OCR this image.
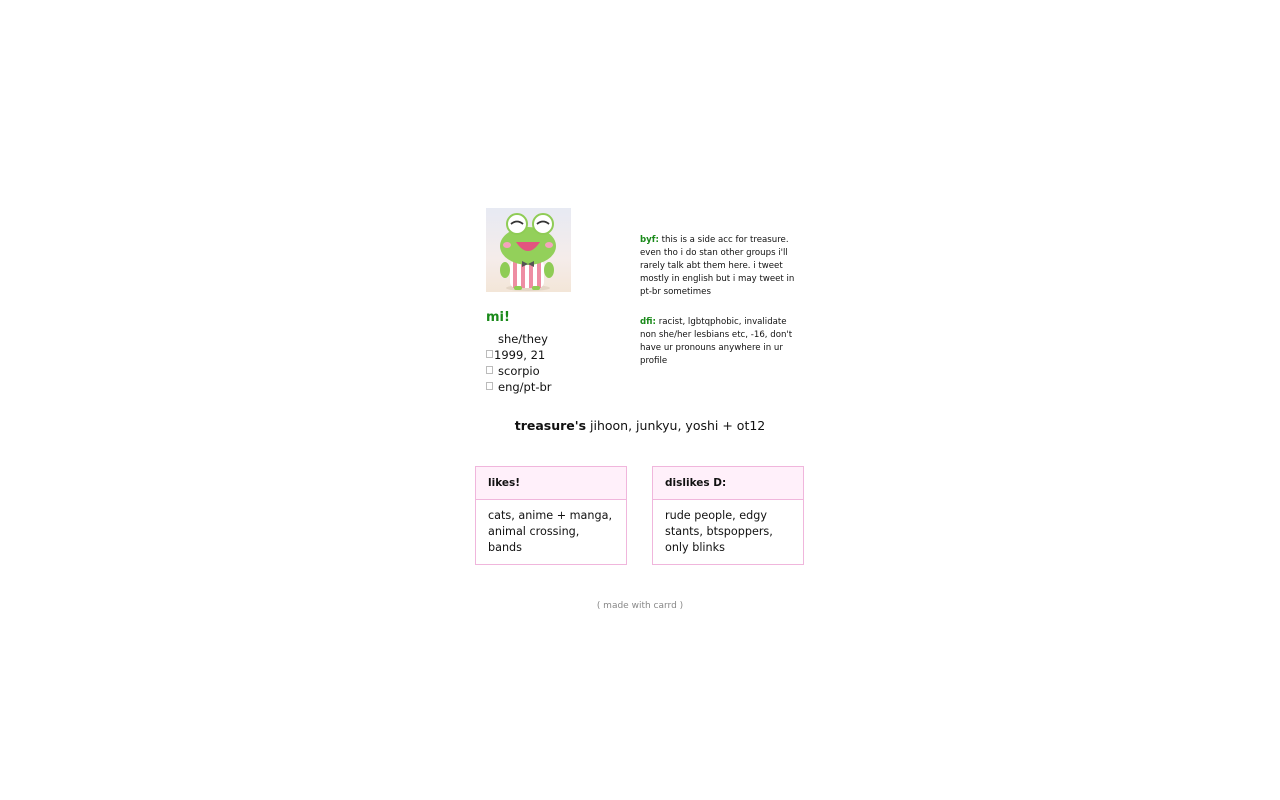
mi!
she/they
1999, 21
scorpio
eng/pt-br
byf: this is a side acc for treasure. even tho i do stan other groups i'll rarely talk abt them here. i tweet mostly in english but i may tweet in pt-br sometimes
dfi: racist, lgbtqphobic, invalidate non she/her lesbians etc, -16, don't have ur pronouns anywhere in ur profile
treasure's jihoon, junkyu, yoshi + ot12
likes!
cats, anime + manga, animal crossing, bands
dislikes D:
rude people, edgy stants, btspoppers, only blinks
( made with carrd )
